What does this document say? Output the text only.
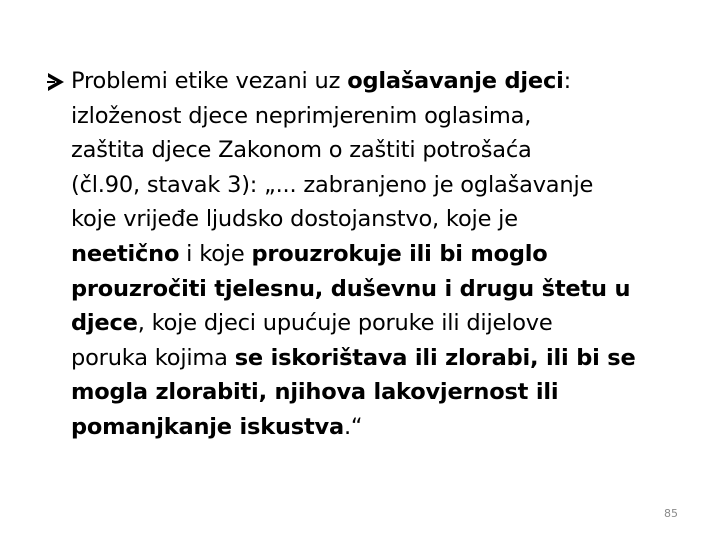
Problemi etike vezani uz oglašavanje djeci:
izloženost djece neprimjerenim oglasima,
zaštita djece Zakonom o zaštiti potrošaća
(čl.90, stavak 3): „... zabranjeno je oglašavanje
koje vrijeđe ljudsko dostojanstvo, koje je
neetično i koje prouzrokuje ili bi moglo
prouzročiti tjelesnu, duševnu i drugu štetu u
djece, koje djeci upućuje poruke ili dijelove
poruka kojima se iskorištava ili zlorabi, ili bi se
mogla zlorabiti, njihova lakovjernost ili
pomanjkanje iskustva.“
85
